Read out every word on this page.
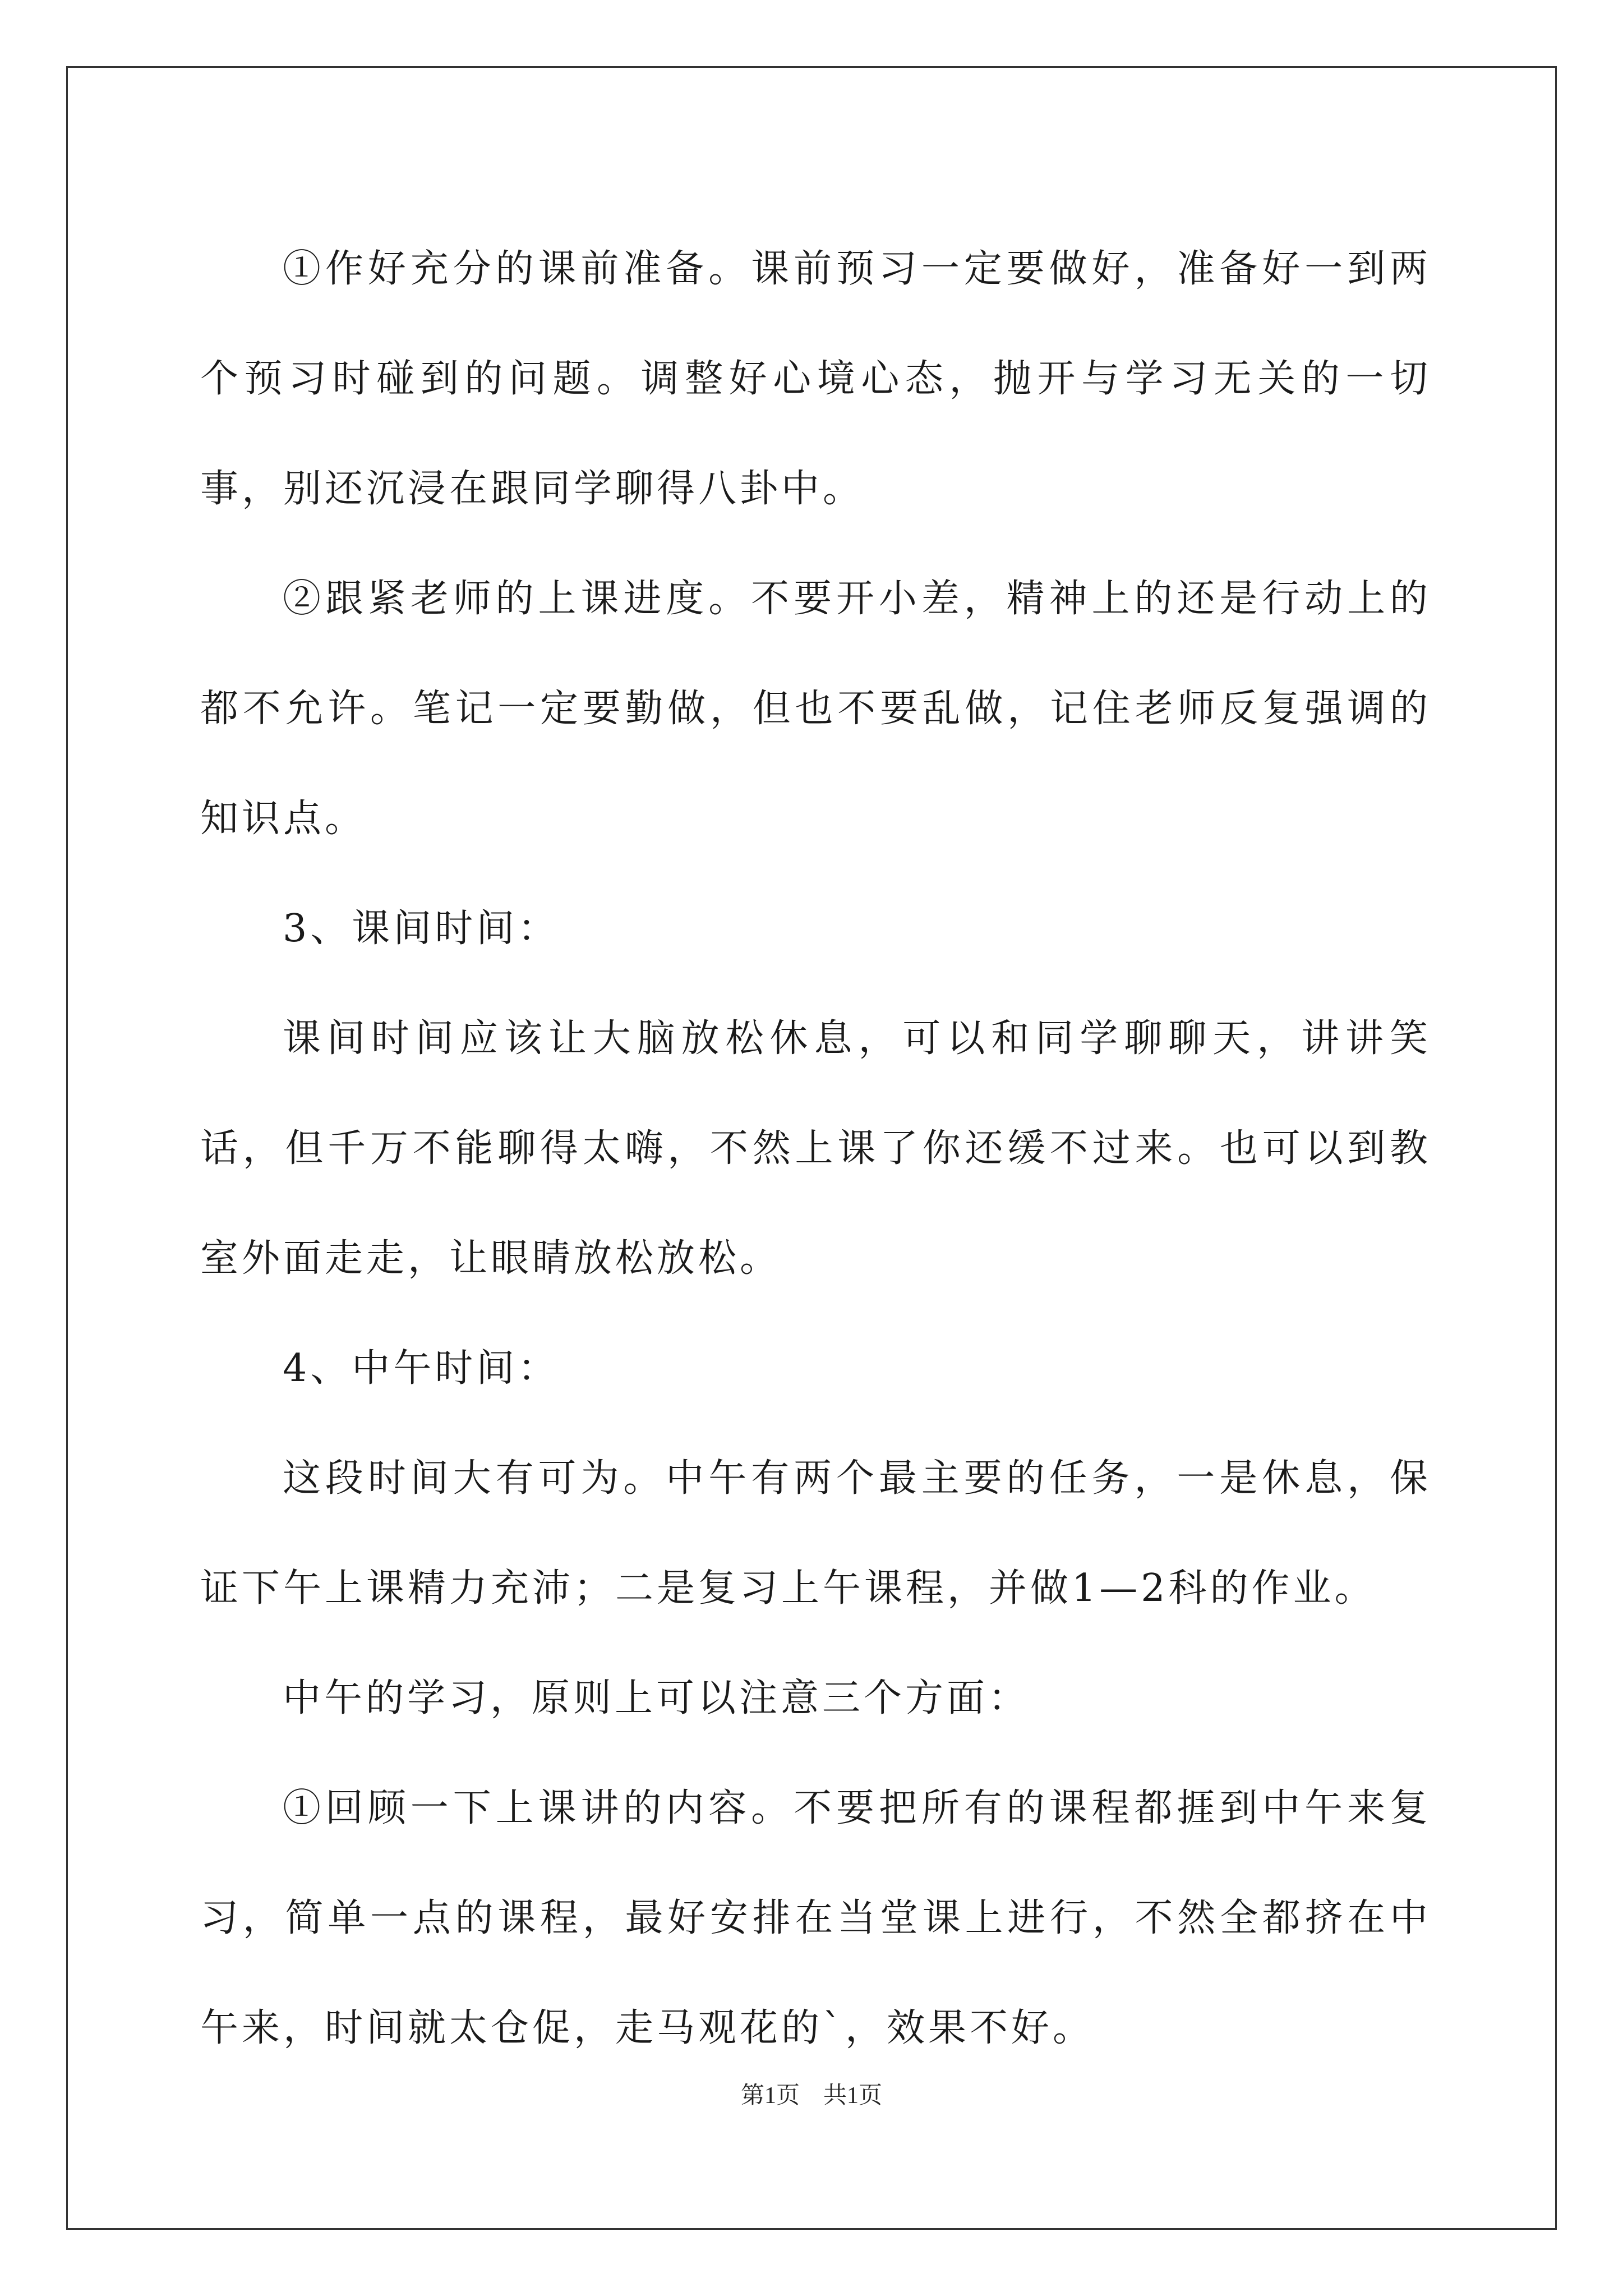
①作好充分的课前准备。课前预习一定要做好，准备好一到两个预习时碰到的问题。调整好心境心态，抛开与学习无关的一切事，别还沉浸在跟同学聊得八卦中。

②跟紧老师的上课进度。不要开小差，精神上的还是行动上的都不允许。笔记一定要勤做，但也不要乱做，记住老师反复强调的知识点。

3、课间时间：

课间时间应该让大脑放松休息，可以和同学聊聊天，讲讲笑话，但千万不能聊得太嗨，不然上课了你还缓不过来。也可以到教室外面走走，让眼睛放松放松。

4、中午时间：

这段时间大有可为。中午有两个最主要的任务，一是休息，保证下午上课精力充沛；二是复习上午课程，并做1—2科的作业。

中午的学习，原则上可以注意三个方面：

①回顾一下上课讲的内容。不要把所有的课程都捱到中午来复习，简单一点的课程，最好安排在当堂课上进行，不然全都挤在中午来，时间就太仓促，走马观花的`，效果不好。

第1页　共1页
